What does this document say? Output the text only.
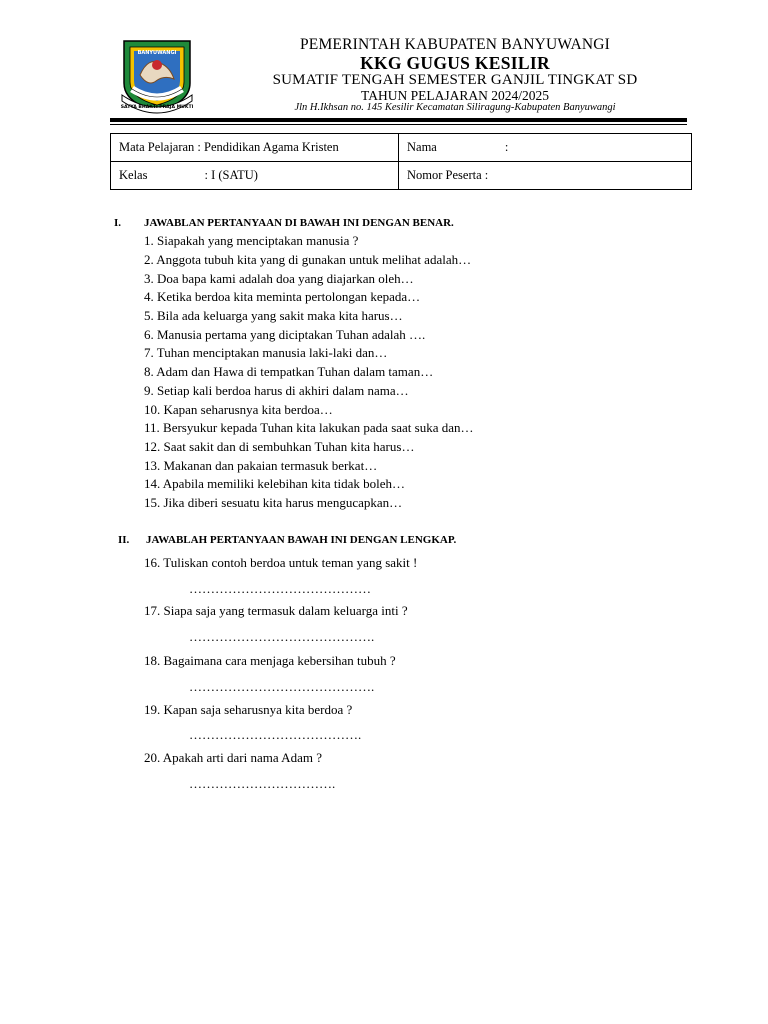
BANYUWANGI
SATYA BHAKTI PRAJA MUKTI
PEMERINTAH KABUPATEN BANYUWANGI
KKG GUGUS KESILIR
SUMATIF TENGAH SEMESTER GANJIL TINGKAT SD
TAHUN PELAJARAN 2024/2025
Jln H.Ikhsan no. 145 Kesilir Kecamatan Siliragung-Kabupaten Banyuwangi
Mata Pelajaran : Pendidikan Agama Kristen	Nama :
Kelas : I (SATU)	Nomor Peserta :
I. JAWABLAN PERTANYAAN DI BAWAH INI DENGAN BENAR.
1. Siapakah yang menciptakan manusia ?
2. Anggota tubuh kita yang di gunakan untuk melihat adalah…
3. Doa bapa kami adalah doa yang diajarkan oleh…
4. Ketika berdoa kita meminta pertolongan kepada…
5. Bila ada keluarga yang sakit maka kita harus…
6. Manusia pertama yang diciptakan Tuhan adalah ….
7. Tuhan menciptakan manusia laki-laki dan…
8. Adam dan Hawa di tempatkan Tuhan dalam taman…
9. Setiap kali berdoa harus di akhiri dalam nama…
10. Kapan seharusnya kita berdoa…
11. Bersyukur kepada Tuhan kita lakukan pada saat suka dan…
12. Saat sakit dan di sembuhkan Tuhan kita harus…
13. Makanan dan pakaian termasuk berkat…
14. Apabila memiliki kelebihan kita tidak boleh…
15. Jika diberi sesuatu kita harus mengucapkan…
II. JAWABLAH PERTANYAAN BAWAH INI DENGAN LENGKAP.
16. Tuliskan contoh berdoa untuk teman yang sakit !
……………………………………
17. Siapa saja yang termasuk dalam keluarga inti ?
…………………………………….
18. Bagaimana cara menjaga kebersihan tubuh ?
…………………………………….
19. Kapan saja seharusnya kita berdoa ?
………………………………….
20. Apakah arti dari nama Adam ?
…………………………….
